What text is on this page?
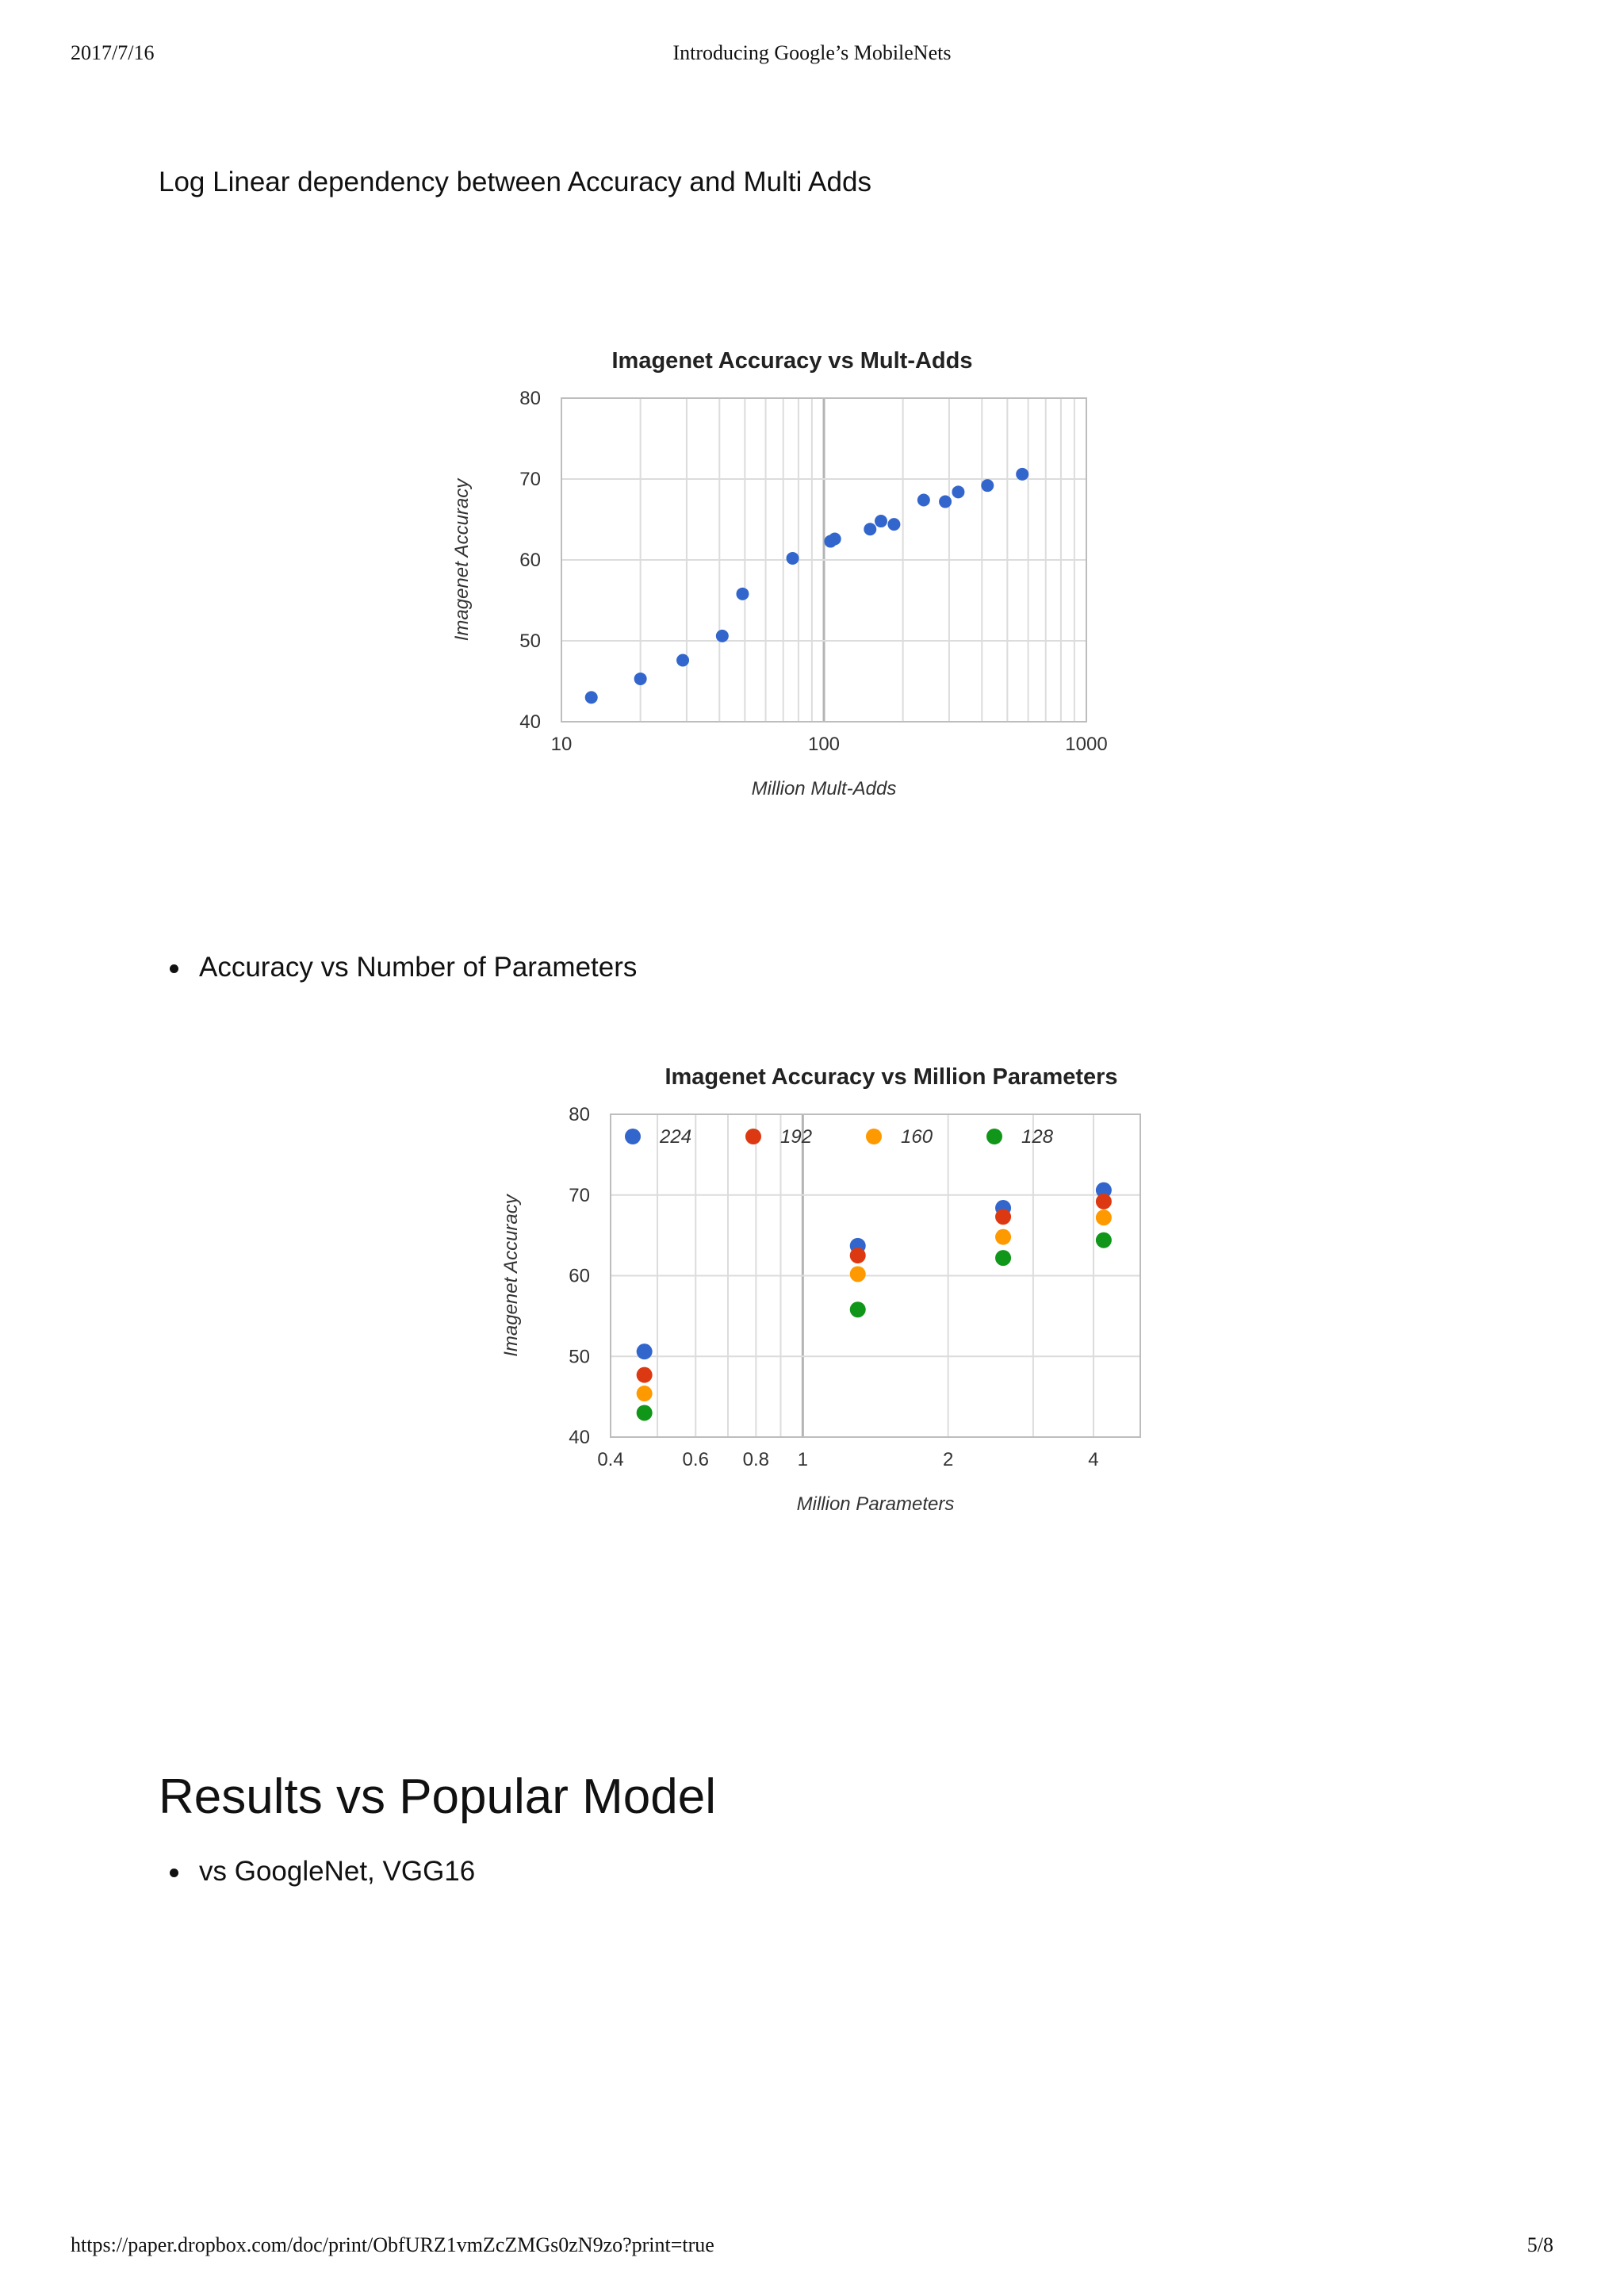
2017/7/16	Introducing Google’s MobileNets
Log Linear dependency between Accuracy and Multi Adds
40
50
60
70
80
10	100	1000
Imagenet Accuracy vs Mult-Adds
Million Mult-Adds
Imagenet Accuracy
Accuracy vs Number of Parameters
40
50
60
70
80
0.4	0.6 0.8 1	2	4
Imagenet Accuracy vs Million Parameters
Million Parameters
Imagenet Accuracy
224	192	160	128
Results vs Popular Model
vs GoogleNet, VGG16
https://paper.dropbox.com/doc/print/ObfURZ1vmZcZMGs0zN9zo?print=true	5/8
